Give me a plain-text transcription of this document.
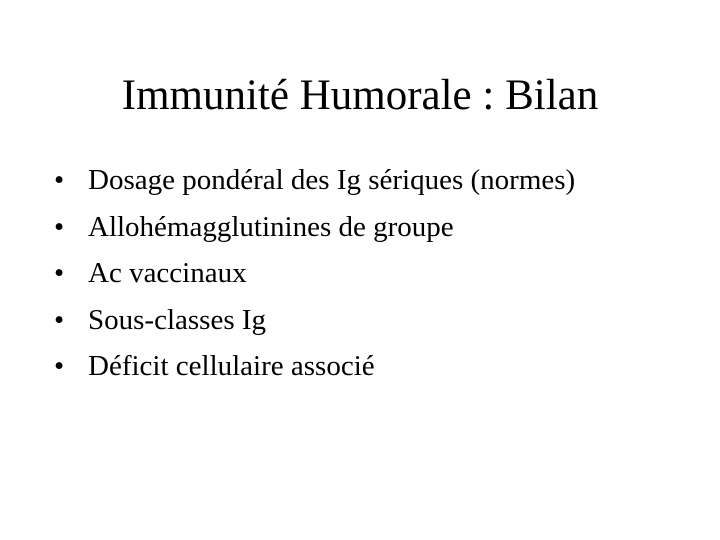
Immunité Humorale : Bilan
• Dosage pondéral des Ig sériques (normes)
• Allohémagglutinines de groupe
• Ac vaccinaux
• Sous-classes Ig
• Déficit cellulaire associé
